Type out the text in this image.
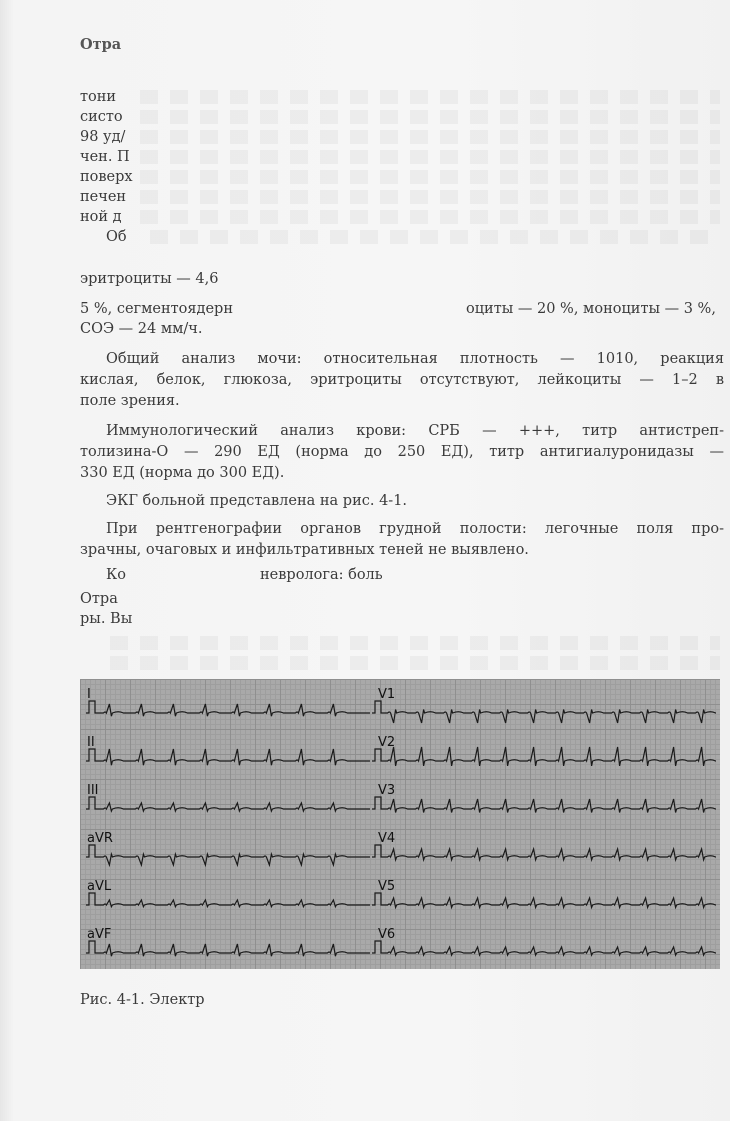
Отра
тони
систо
98 уд/
чен. П
поверх
печен
ной д
Об
эритроциты — 4,6
5 %, сегментоядерн	оциты — 20 %, моноциты — 3 %,
СОЭ — 24 мм/ч.
Общий анализ мочи: относительная плотность — 1010, реакция
кислая, белок, глюкоза, эритроциты отсутствуют, лейкоциты — 1–2 в
поле зрения.
Иммунологический анализ крови: СРБ — +++, титр антистреп-
толизина-О — 290 ЕД (норма до 250 ЕД), титр антигиалуронидазы —
330 ЕД (норма до 300 ЕД).
ЭКГ больной представлена на рис. 4-1.
При рентгенографии органов грудной полости: легочные поля про-
зрачны, очаговых и инфильтративных теней не выявлено.
Ко	невролога: боль
Отра
ры. Вы
I
II
III
aVR
aVL
aVF
V1
V2
V3
V4
V5
V6
Рис. 4-1. Электр
